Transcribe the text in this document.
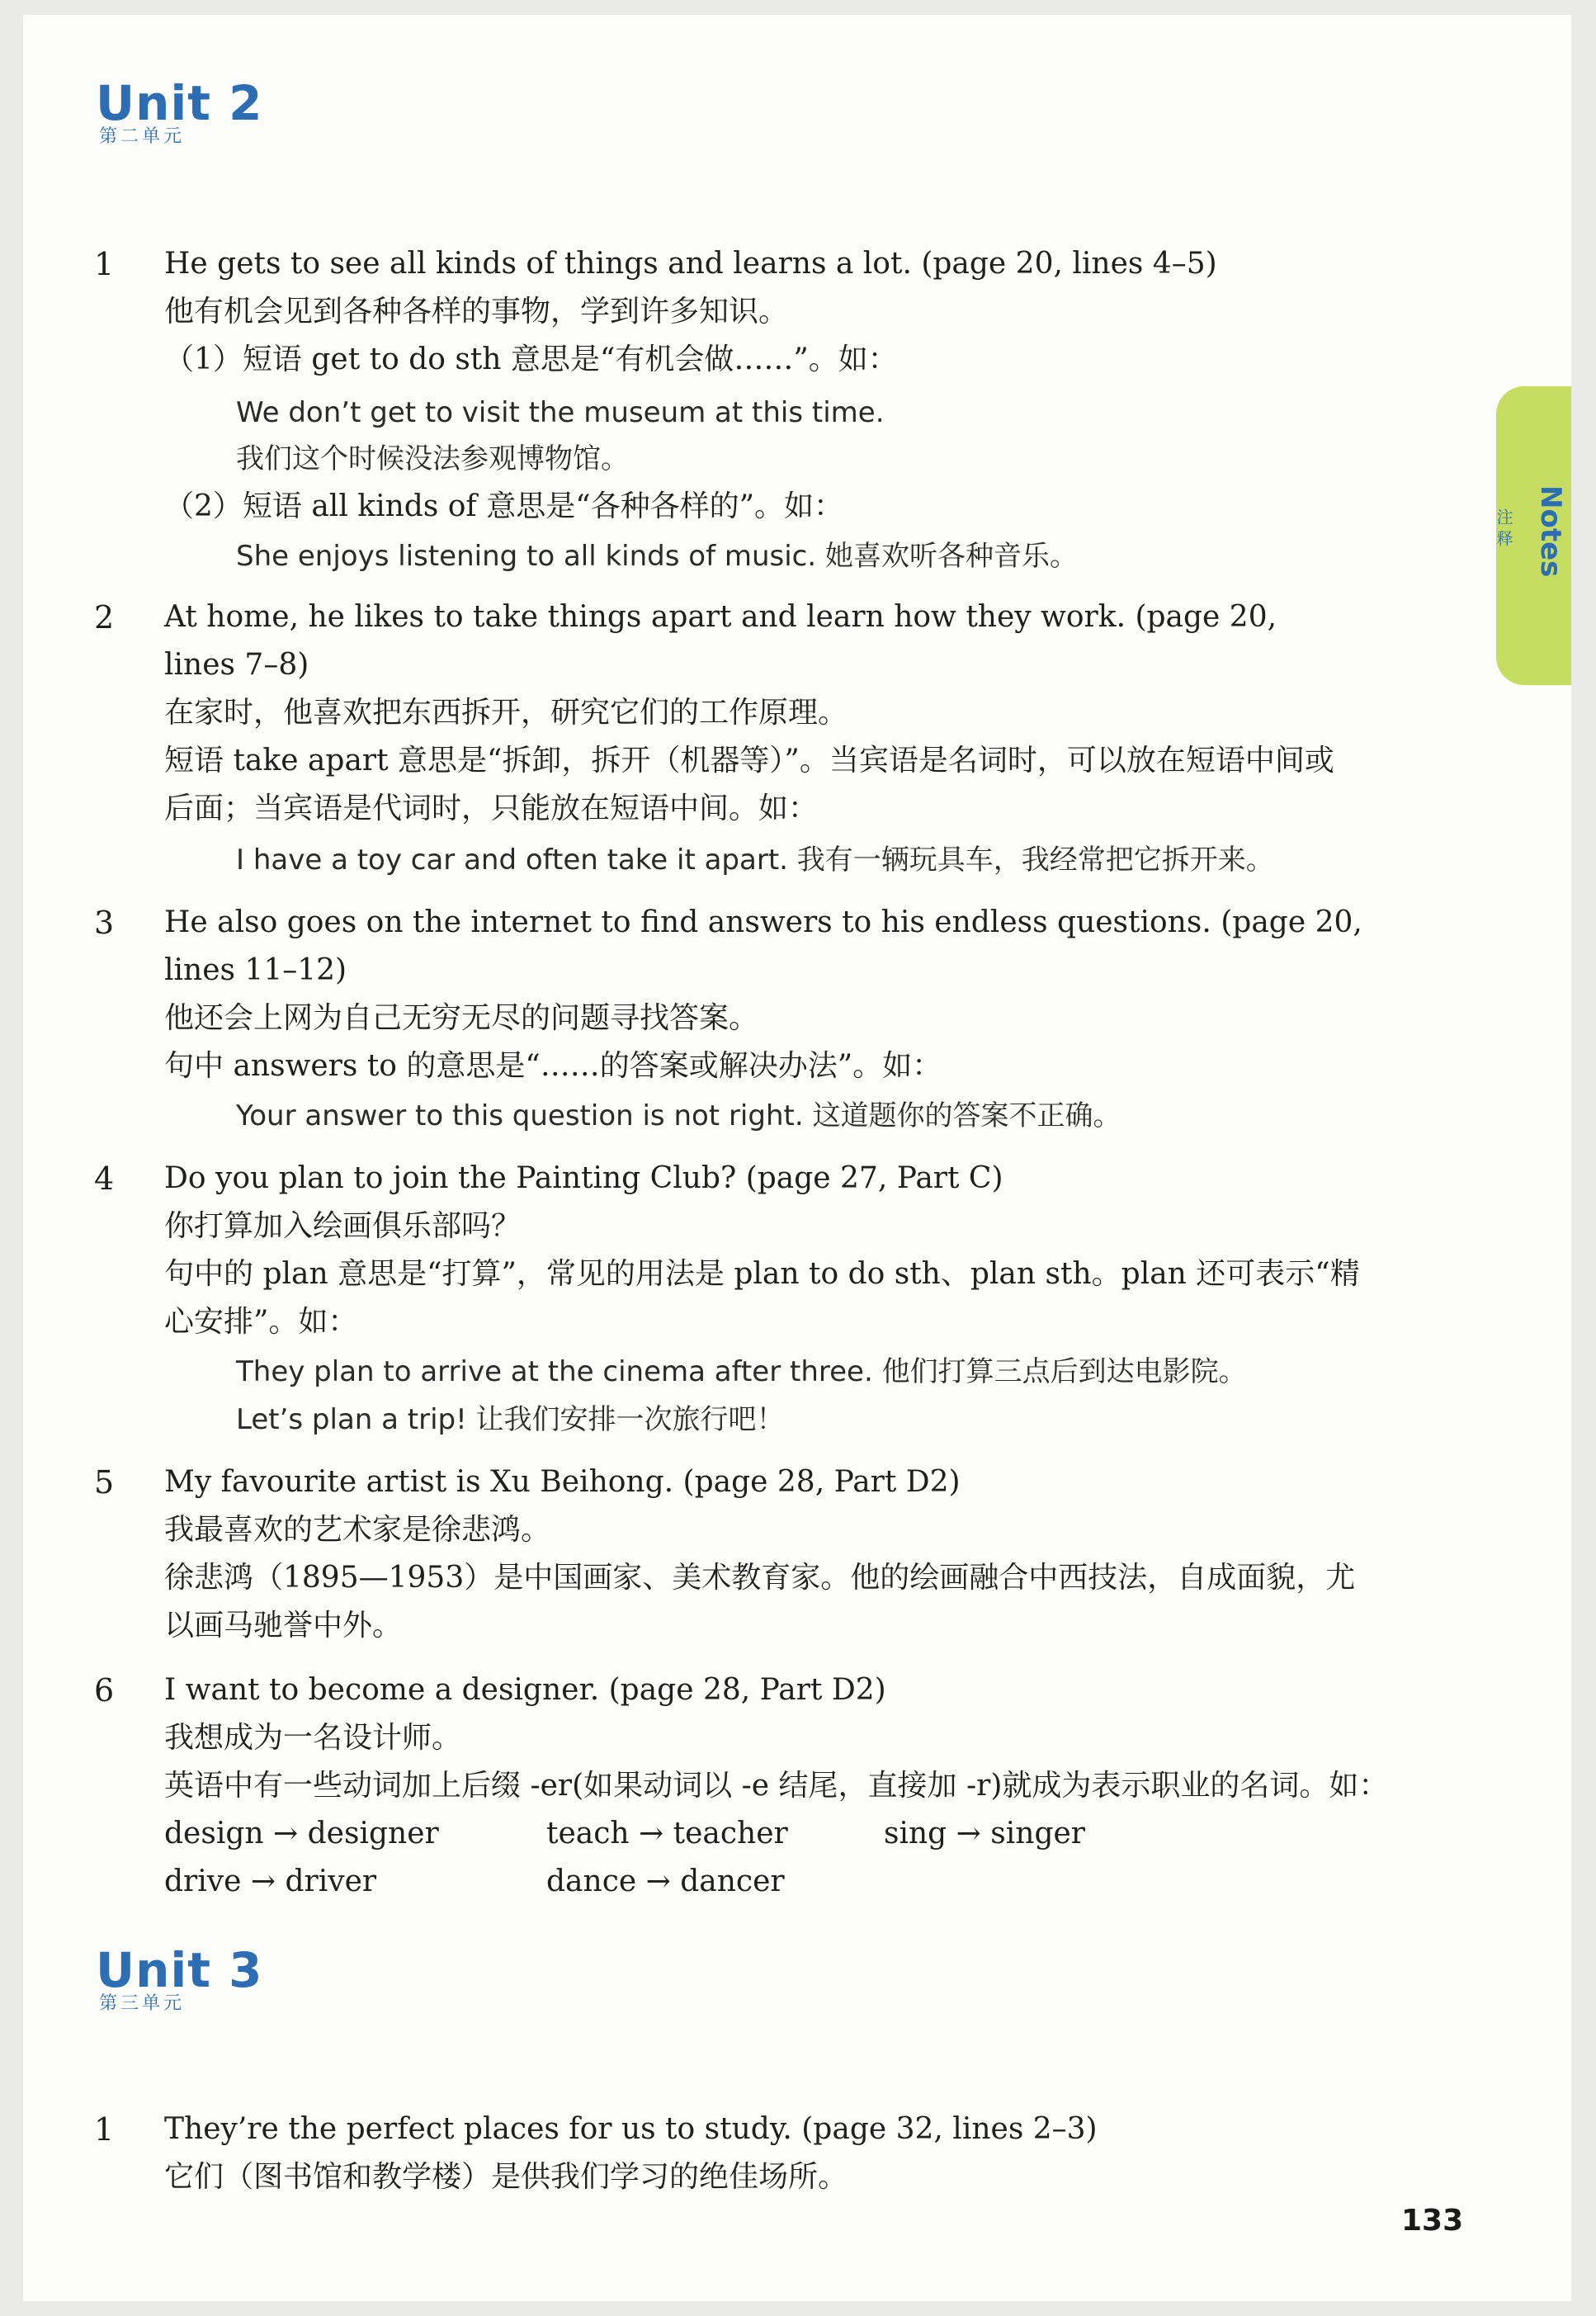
Notes
注释
Unit 2
第二单元
1 He gets to see all kinds of things and learns a lot. (page 20, lines 4–5)
他有机会见到各种各样的事物，学到许多知识。
（1）短语 get to do sth 意思是“有机会做……”。如：
We don’t get to visit the museum at this time.
我们这个时候没法参观博物馆。
（2）短语 all kinds of 意思是“各种各样的”。如：
She enjoys listening to all kinds of music. 她喜欢听各种音乐。
2 At home, he likes to take things apart and learn how they work. (page 20,
lines 7–8)
在家时，他喜欢把东西拆开，研究它们的工作原理。
短语 take apart 意思是“拆卸，拆开（机器等）”。当宾语是名词时，可以放在短语中间或
后面；当宾语是代词时，只能放在短语中间。如：
I have a toy car and often take it apart. 我有一辆玩具车，我经常把它拆开来。
3 He also goes on the internet to find answers to his endless questions. (page 20,
lines 11–12)
他还会上网为自己无穷无尽的问题寻找答案。
句中 answers to 的意思是“……的答案或解决办法”。如：
Your answer to this question is not right. 这道题你的答案不正确。
4 Do you plan to join the Painting Club? (page 27, Part C)
你打算加入绘画俱乐部吗？
句中的 plan 意思是“打算”，常见的用法是 plan to do sth、plan sth。plan 还可表示“精
心安排”。如：
They plan to arrive at the cinema after three. 他们打算三点后到达电影院。
Let’s plan a trip! 让我们安排一次旅行吧！
5 My favourite artist is Xu Beihong. (page 28, Part D2)
我最喜欢的艺术家是徐悲鸿。
徐悲鸿（1895—1953）是中国画家、美术教育家。他的绘画融合中西技法，自成面貌，尤
以画马驰誉中外。
6 I want to become a designer. (page 28, Part D2)
我想成为一名设计师。
英语中有一些动词加上后缀 -er(如果动词以 -e 结尾，直接加 -r)就成为表示职业的名词。如：
design → designer	teach → teacher	sing → singer
drive → driver	dance → dancer
Unit 3
第三单元
1 They’re the perfect places for us to study. (page 32, lines 2–3)
它们（图书馆和教学楼）是供我们学习的绝佳场所。
133
